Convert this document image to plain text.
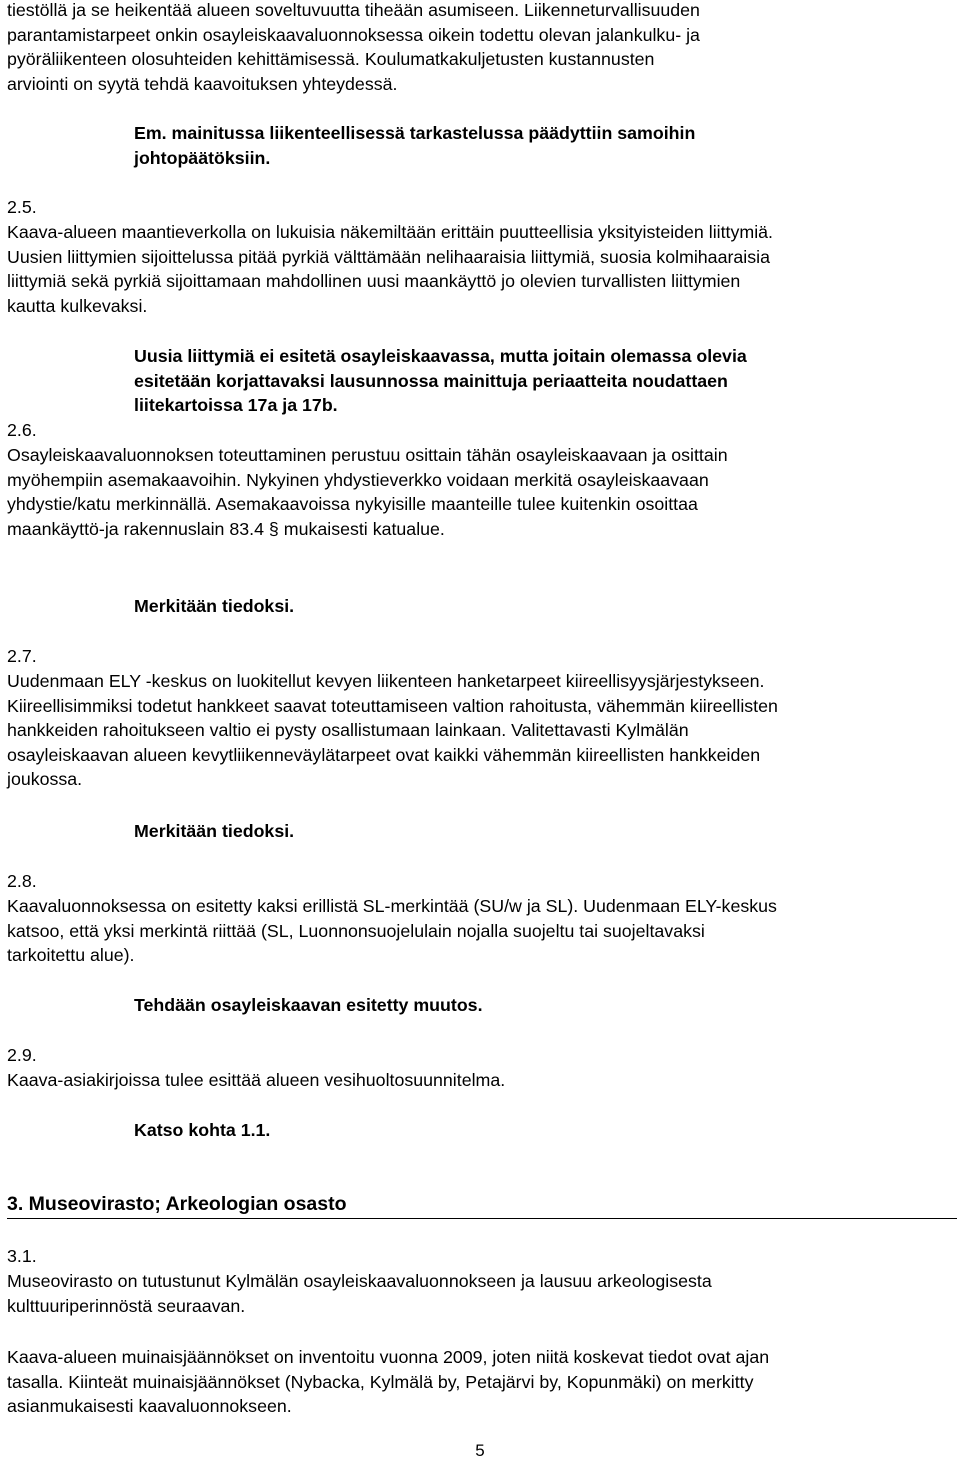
tiestöllä ja se heikentää alueen soveltuvuutta tiheään asumiseen. Liikenneturvallisuuden
parantamistarpeet onkin osayleiskaavaluonnoksessa oikein todettu olevan jalankulku- ja
pyöräliikenteen olosuhteiden kehittämisessä. Koulumatkakuljetusten kustannusten
arviointi on syytä tehdä kaavoituksen yhteydessä.
Em. mainitussa liikenteellisessä tarkastelussa päädyttiin samoihin
johtopäätöksiin.
2.5.
Kaava-alueen maantieverkolla on lukuisia näkemiltään erittäin puutteellisia yksityisteiden liittymiä.
Uusien liittymien sijoittelussa pitää pyrkiä välttämään nelihaaraisia liittymiä, suosia kolmihaaraisia
liittymiä sekä pyrkiä sijoittamaan mahdollinen uusi maankäyttö jo olevien turvallisten liittymien
kautta kulkevaksi.
Uusia liittymiä ei esitetä osayleiskaavassa, mutta joitain olemassa olevia
esitetään korjattavaksi lausunnossa mainittuja periaatteita noudattaen
liitekartoissa 17a ja 17b.
2.6.
Osayleiskaavaluonnoksen toteuttaminen perustuu osittain tähän osayleiskaavaan ja osittain
myöhempiin asemakaavoihin. Nykyinen yhdystieverkko voidaan merkitä osayleiskaavaan
yhdystie/katu merkinnällä. Asemakaavoissa nykyisille maanteille tulee kuitenkin osoittaa
maankäyttö-ja rakennuslain 83.4 § mukaisesti katualue.
Merkitään tiedoksi.
2.7.
Uudenmaan ELY -keskus on luokitellut kevyen liikenteen hanketarpeet kiireellisyysjärjestykseen.
Kiireellisimmiksi todetut hankkeet saavat toteuttamiseen valtion rahoitusta, vähemmän kiireellisten
hankkeiden rahoitukseen valtio ei pysty osallistumaan lainkaan. Valitettavasti Kylmälän
osayleiskaavan alueen kevytliikenneväylätarpeet ovat kaikki vähemmän kiireellisten hankkeiden
joukossa.
Merkitään tiedoksi.
2.8.
Kaavaluonnoksessa on esitetty kaksi erillistä SL-merkintää (SU/w ja SL). Uudenmaan ELY-keskus
katsoo, että yksi merkintä riittää (SL, Luonnonsuojelulain nojalla suojeltu tai suojeltavaksi
tarkoitettu alue).
Tehdään osayleiskaavan esitetty muutos.
2.9.
Kaava-asiakirjoissa tulee esittää alueen vesihuoltosuunnitelma.
Katso kohta 1.1.
3. Museovirasto; Arkeologian osasto
3.1.
Museovirasto on tutustunut Kylmälän osayleiskaavaluonnokseen ja lausuu arkeologisesta
kulttuuriperinnöstä seuraavan.
Kaava-alueen muinaisjäännökset on inventoitu vuonna 2009, joten niitä koskevat tiedot ovat ajan
tasalla. Kiinteät muinaisjäännökset (Nybacka, Kylmälä by, Petajärvi by, Kopunmäki) on merkitty
asianmukaisesti kaavaluonnokseen.

5
